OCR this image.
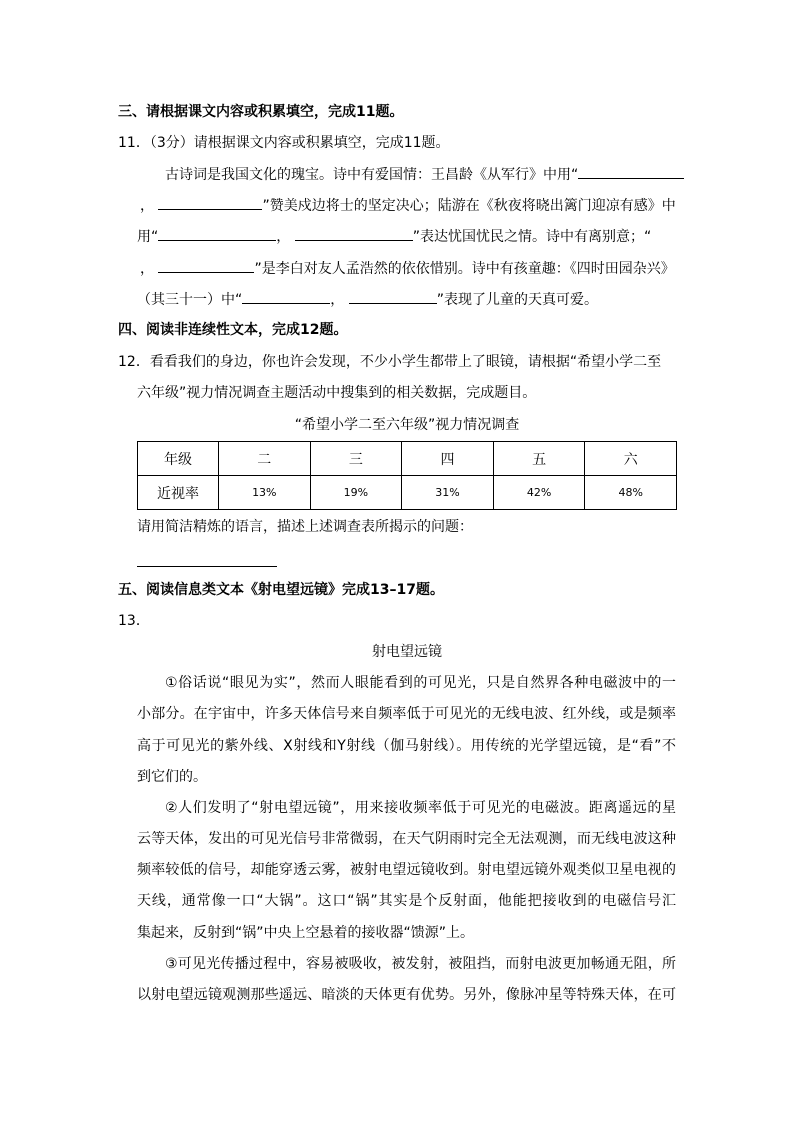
三、请根据课文内容或积累填空，完成11题。
11．（3分）请根据课文内容或积累填空，完成11题。
古诗词是我国文化的瑰宝。诗中有爱国情：王昌龄《从军行》中用“
，	”赞美戍边将士的坚定决心；陆游在《秋夜将晓出篱门迎凉有感》中
用“	，	”表达忧国忧民之情。诗中有离别意；“
，	”是李白对友人孟浩然的依依惜别。诗中有孩童趣：《四时田园杂兴》
（其三十一）中“	，	”表现了儿童的天真可爱。
四、阅读非连续性文本，完成12题。
12．看看我们的身边，你也许会发现，不少小学生都带上了眼镜，请根据“希望小学二至
六年级”视力情况调查主题活动中搜集到的相关数据，完成题目。
“希望小学二至六年级”视力情况调查
年级	二	三	四	五	六
近视率	13%	19%	31%	42%	48%
请用简洁精炼的语言，描述上述调查表所揭示的问题：
五、阅读信息类文本《射电望远镜》完成13–17题。
13．
射电望远镜
①俗话说“眼见为实”，然而人眼能看到的可见光，只是自然界各种电磁波中的一
小部分。在宇宙中，许多天体信号来自频率低于可见光的无线电波、红外线，或是频率
高于可见光的紫外线、X射线和Y射线（伽马射线）。用传统的光学望远镜，是“看”不
到它们的。
②人们发明了“射电望远镜”，用来接收频率低于可见光的电磁波。距离遥远的星
云等天体，发出的可见光信号非常微弱，在天气阴雨时完全无法观测，而无线电波这种
频率较低的信号，却能穿透云雾，被射电望远镜收到。射电望远镜外观类似卫星电视的
天线，通常像一口“大锅”。这口“锅”其实是个反射面，他能把接收到的电磁信号汇
集起来，反射到“锅”中央上空悬着的接收器“馈源”上。
③可见光传播过程中，容易被吸收，被发射，被阻挡，而射电波更加畅通无阻，所
以射电望远镜观测那些遥远、暗淡的天体更有优势。另外，像脉冲星等特殊天体，在可
